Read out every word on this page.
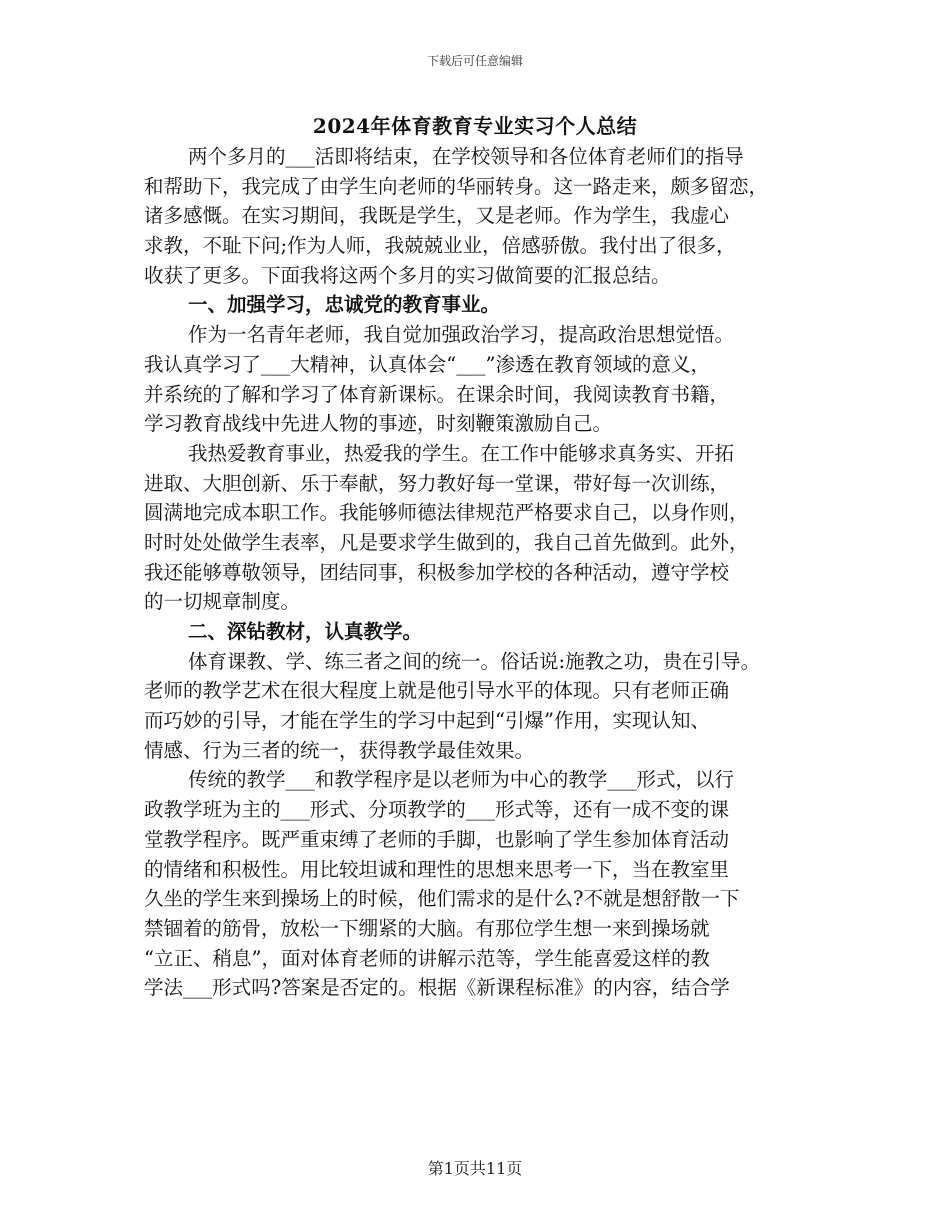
下载后可任意编辑
2024年体育教育专业实习个人总结
两个多月的___活即将结束，在学校领导和各位体育老师们的指导
和帮助下，我完成了由学生向老师的华丽转身。这一路走来，颇多留恋，
诸多感慨。在实习期间，我既是学生，又是老师。作为学生，我虚心
求教，不耻下问;作为人师，我兢兢业业，倍感骄傲。我付出了很多，
收获了更多。下面我将这两个多月的实习做简要的汇报总结。
一、加强学习，忠诚党的教育事业。
作为一名青年老师，我自觉加强政治学习，提高政治思想觉悟。
我认真学习了___大精神，认真体会“___”渗透在教育领域的意义，
并系统的了解和学习了体育新课标。在课余时间，我阅读教育书籍，
学习教育战线中先进人物的事迹，时刻鞭策激励自己。
我热爱教育事业，热爱我的学生。在工作中能够求真务实、开拓
进取、大胆创新、乐于奉献，努力教好每一堂课，带好每一次训练，
圆满地完成本职工作。我能够师德法律规范严格要求自己，以身作则，
时时处处做学生表率，凡是要求学生做到的，我自己首先做到。此外，
我还能够尊敬领导，团结同事，积极参加学校的各种活动，遵守学校
的一切规章制度。
二、深钻教材，认真教学。
体育课教、学、练三者之间的统一。俗话说:施教之功，贵在引导。
老师的教学艺术在很大程度上就是他引导水平的体现。只有老师正确
而巧妙的引导，才能在学生的学习中起到“引爆”作用，实现认知、
情感、行为三者的统一，获得教学最佳效果。
传统的教学___和教学程序是以老师为中心的教学___形式，以行
政教学班为主的___形式、分项教学的___形式等，还有一成不变的课
堂教学程序。既严重束缚了老师的手脚，也影响了学生参加体育活动
的情绪和积极性。用比较坦诚和理性的思想来思考一下，当在教室里
久坐的学生来到操场上的时候，他们需求的是什么?不就是想舒散一下
禁锢着的筋骨，放松一下绷紧的大脑。有那位学生想一来到操场就
“立正、稍息”，面对体育老师的讲解示范等，学生能喜爱这样的教
学法___形式吗?答案是否定的。根据《新课程标准》的内容，结合学
第1页共11页
